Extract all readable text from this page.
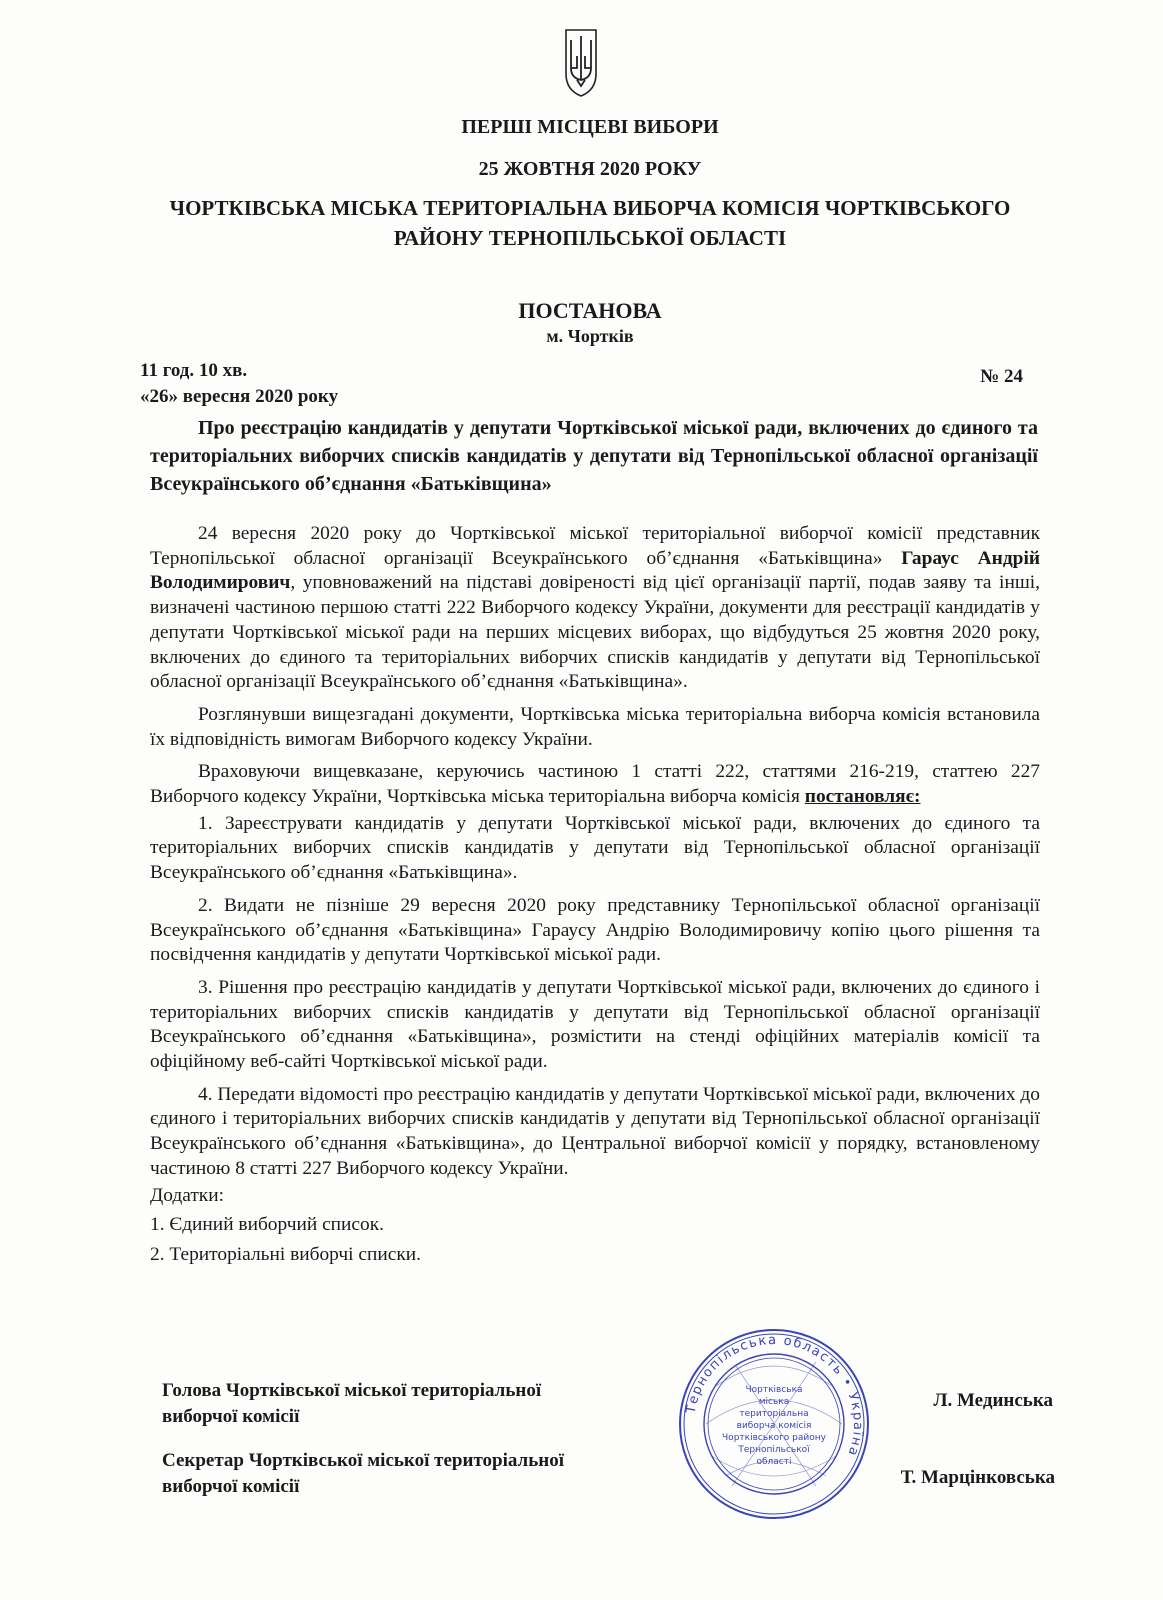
ПЕРШІ МІСЦЕВІ ВИБОРИ
25 ЖОВТНЯ 2020 РОКУ
ЧОРТКІВСЬКА МІСЬКА ТЕРИТОРІАЛЬНА ВИБОРЧА КОМІСІЯ ЧОРТКІВСЬКОГО
РАЙОНУ ТЕРНОПІЛЬСЬКОЇ ОБЛАСТІ
ПОСТАНОВА
м. Чортків
11 год. 10 хв.
«26» вересня 2020 року
№ 24
Про реєстрацію кандидатів у депутати Чортківської міської ради, включених до єдиного та територіальних виборчих списків кандидатів у депутати від Тернопільської обласної організації Всеукраїнського об’єднання «Батьківщина»

24 вересня 2020 року до Чортківської міської територіальної виборчої комісії представник Тернопільської обласної організації Всеукраїнського об’єднання «Батьківщина» Гараус Андрій Володимирович, уповноважений на підставі довіреності від цієї організації партії, подав заяву та інші, визначені частиною першою статті 222 Виборчого кодексу України, документи для реєстрації кандидатів у депутати Чортківської міської ради на перших місцевих виборах, що відбудуться 25 жовтня 2020 року, включених до єдиного та територіальних виборчих списків кандидатів у депутати від Тернопільської обласної організації Всеукраїнського об’єднання «Батьківщина».

Розглянувши вищезгадані документи, Чортківська міська територіальна виборча комісія встановила їх відповідність вимогам Виборчого кодексу України.

Враховуючи вищевказане, керуючись частиною 1 статті 222, статтями 216-219, статтею 227 Виборчого кодексу України, Чортківська міська територіальна виборча комісія постановляє:

1. Зареєструвати кандидатів у депутати Чортківської міської ради, включених до єдиного та територіальних виборчих списків кандидатів у депутати від Тернопільської обласної організації Всеукраїнського об’єднання «Батьківщина».

2. Видати не пізніше 29 вересня 2020 року представнику Тернопільської обласної організації Всеукраїнського об’єднання «Батьківщина» Гараусу Андрію Володимировичу копію цього рішення та посвідчення кандидатів у депутати Чортківської міської ради.

3. Рішення про реєстрацію кандидатів у депутати Чортківської міської ради, включених до єдиного і територіальних виборчих списків кандидатів у депутати від Тернопільської обласної організації Всеукраїнського об’єднання «Батьківщина», розмістити на стенді офіційних матеріалів комісії та офіційному веб-сайті Чортківської міської ради.

4. Передати відомості про реєстрацію кандидатів у депутати Чортківської міської ради, включених до єдиного і територіальних виборчих списків кандидатів у депутати від Тернопільської обласної організації Всеукраїнського об’єднання «Батьківщина», до Центральної виборчої комісії у порядку, встановленому частиною 8 статті 227 Виборчого кодексу України.

Додатки:

1. Єдиний виборчий список.

2. Територіальні виборчі списки.

Голова Чортківської міської територіальної
виборчої комісії
Л. Мединська
Секретар Чортківської міської територіальної
виборчої комісії	Т. Марцінковська
Тернопільська область • Україна
Чортківська
міська
територіальна
виборча комісія
Чортківського району
Тернопільської
області
